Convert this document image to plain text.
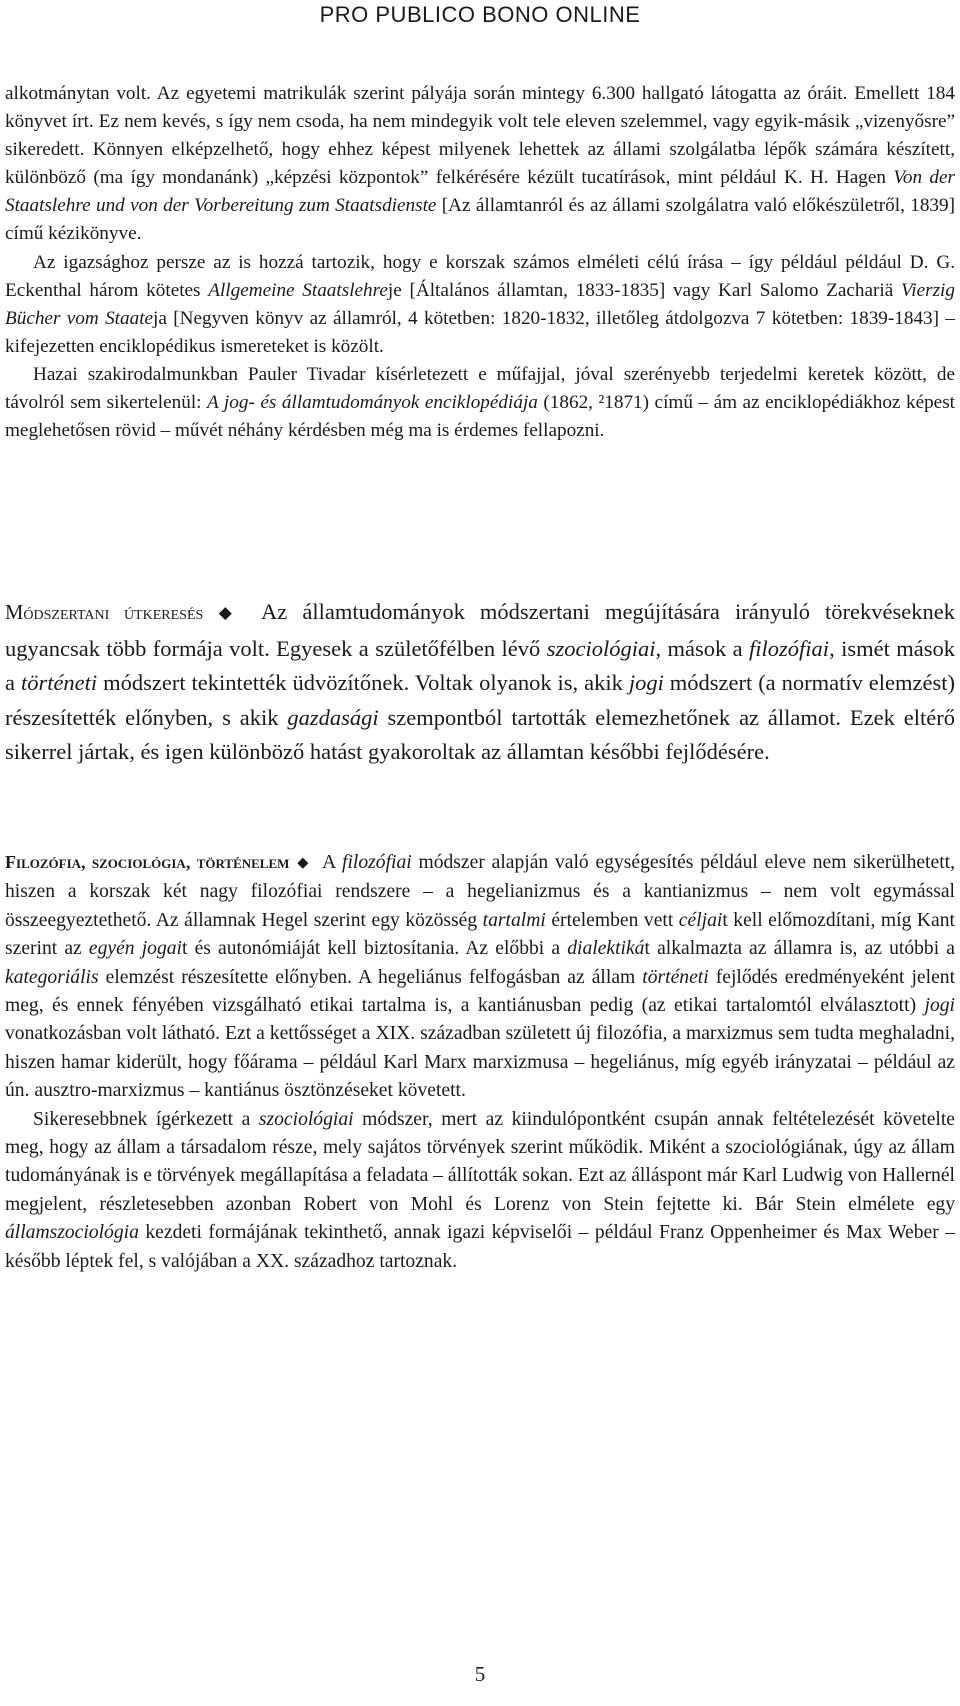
PRO PUBLICO BONO ONLINE

alkotmánytan volt. Az egyetemi matrikulák szerint pályája során mintegy 6.300 hallgató látogatta az óráit. Emellett 184 könyvet írt. Ez nem kevés, s így nem csoda, ha nem mindegyik volt tele eleven szelemmel, vagy egyik-másik „vizenyősre” sikeredett. Könnyen elképzelhető, hogy ehhez képest milyenek lehettek az állami szolgálatba lépők számára készített, különböző (ma így mondanánk) „képzési központok” felkérésére kézült tucatírások, mint például K. H. Hagen Von der Staatslehre und von der Vorbereitung zum Staatsdienste [Az államtanról és az állami szolgálatra való előkészületről, 1839] című kézikönyve.

Az igazsághoz persze az is hozzá tartozik, hogy e korszak számos elméleti célú írása – így például például D. G. Eckenthal három kötetes Allgemeine Staatslehreje [Általános államtan, 1833-1835] vagy Karl Salomo Zachariä Vierzig Bücher vom Staateja [Negyven könyv az államról, 4 kötetben: 1820-1832, illetőleg átdolgozva 7 kötetben: 1839-1843] – kifejezetten enciklopédikus ismereteket is közölt.

Hazai szakirodalmunkban Pauler Tivadar kísérletezett e műfajjal, jóval szerényebb terjedelmi keretek között, de távolról sem sikertelenül: A jog- és államtudományok enciklopédiája (1862, ²1871) című – ám az enciklopédiákhoz képest meglehetősen rövid – művét néhány kérdésben még ma is érdemes fellapozni.

Módszertani útkeresés ◆ Az államtudományok módszertani megújítására irányuló törekvéseknek ugyancsak több formája volt. Egyesek a születőfélben lévő szociológiai, mások a filozófiai, ismét mások a történeti módszert tekintették üdvözítőnek. Voltak olyanok is, akik jogi módszert (a normatív elemzést) részesítették előnyben, s akik gazdasági szempontból tartották elemezhetőnek az államot. Ezek eltérő sikerrel jártak, és igen különböző hatást gyakoroltak az államtan későbbi fejlődésére.

Filozófia, szociológia, történelem ◆ A filozófiai módszer alapján való egységesítés például eleve nem sikerülhetett, hiszen a korszak két nagy filozófiai rendszere – a hegelianizmus és a kantianizmus – nem volt egymással összeegyeztethető. Az államnak Hegel szerint egy közösség tartalmi értelemben vett céljait kell előmozdítani, míg Kant szerint az egyén jogait és autonómiáját kell biztosítania. Az előbbi a dialektikát alkalmazta az államra is, az utóbbi a kategoriális elemzést részesítette előnyben. A hegeliánus felfogásban az állam történeti fejlődés eredményeként jelent meg, és ennek fényében vizsgálható etikai tartalma is, a kantiánusban pedig (az etikai tartalomtól elválasztott) jogi vonatkozásban volt látható. Ezt a kettősséget a XIX. században született új filozófia, a marxizmus sem tudta meghaladni, hiszen hamar kiderült, hogy főárama – például Karl Marx marxizmusa – hegeliánus, míg egyéb irányzatai – például az ún. ausztro-marxizmus – kantiánus ösztönzéseket követett.

Sikeresebbnek ígérkezett a szociológiai módszer, mert az kiindulópontként csupán annak feltételezését követelte meg, hogy az állam a társadalom része, mely sajátos törvények szerint működik. Miként a szociológiának, úgy az állam tudományának is e törvények megállapítása a feladata – állították sokan. Ezt az álláspont már Karl Ludwig von Hallernél megjelent, részletesebben azonban Robert von Mohl és Lorenz von Stein fejtette ki. Bár Stein elmélete egy államszociológia kezdeti formájának tekinthető, annak igazi képviselői – például Franz Oppenheimer és Max Weber – később léptek fel, s valójában a XX. századhoz tartoznak.

5
